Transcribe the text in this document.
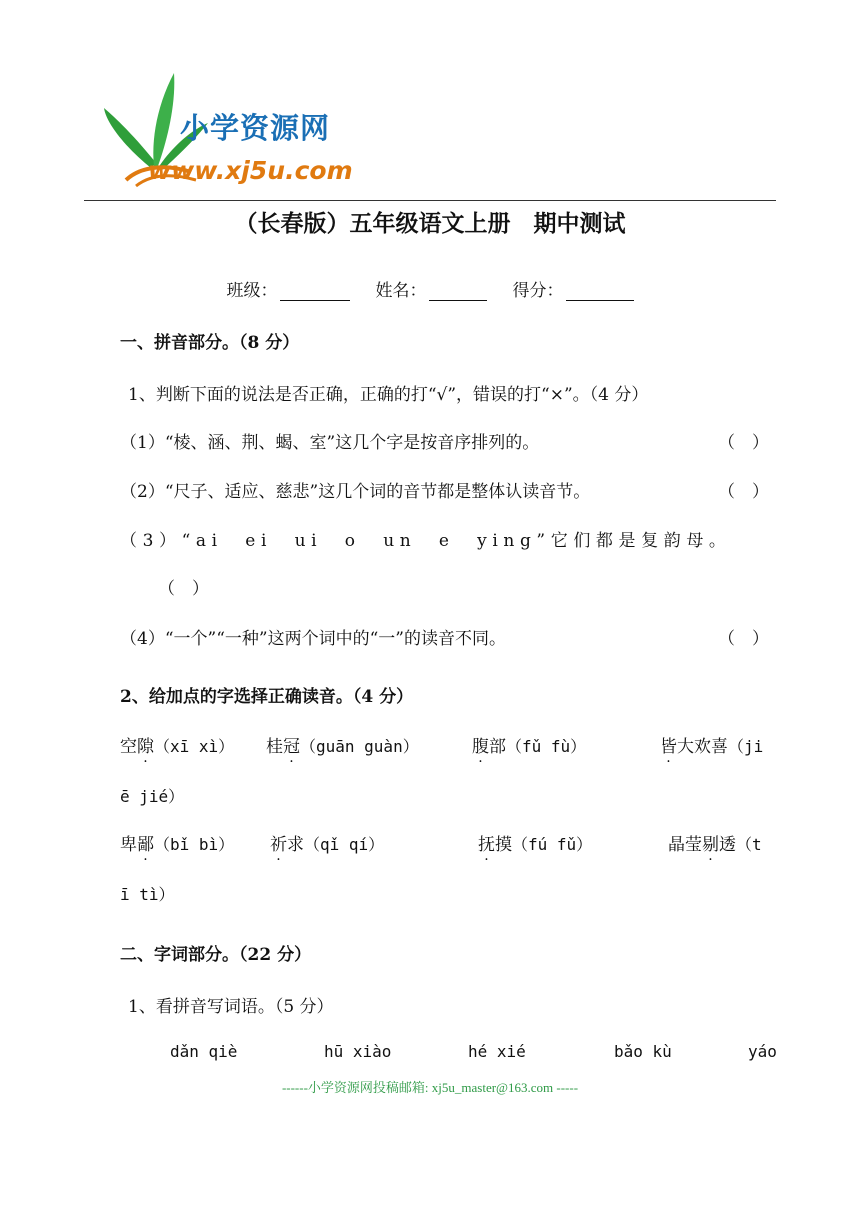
小学资源网
www.xj5u.com
（长春版）五年级语文上册　期中测试
班级：	姓名：	得分：
一、拼音部分。（8 分）
1、判断下面的说法是否正确，正确的打“√”，错误的打“×”。（4 分）
（1）“棱、涵、荆、蝎、室”这几个字是按音序排列的。	（　）
（2）“尺子、适应、慈悲”这几个词的音节都是整体认读音节。	（　）
（3）“ai　ei　ui　o　un　e　ying”它们都是复韵母。
（　）
（4）“一个”“一种”这两个词中的“一”的读音不同。	（　）
2、给加点的字选择正确读音。（4 分）
空隙（xī xì） 桂冠（guān guàn）	腹部（fǔ fù）	皆大欢喜（ji
ē jié）
卑鄙（bǐ bì） 祈求（qǐ qí）	抚摸（fú fǔ）	晶莹剔透（t
ī tì）
二、字词部分。（22 分）
1、看拼音写词语。（5 分）
dǎn qiè	hū xiào	hé xié	bǎo kù	yáo
------小学资源网投稿邮箱: xj5u_master@163.com -----
